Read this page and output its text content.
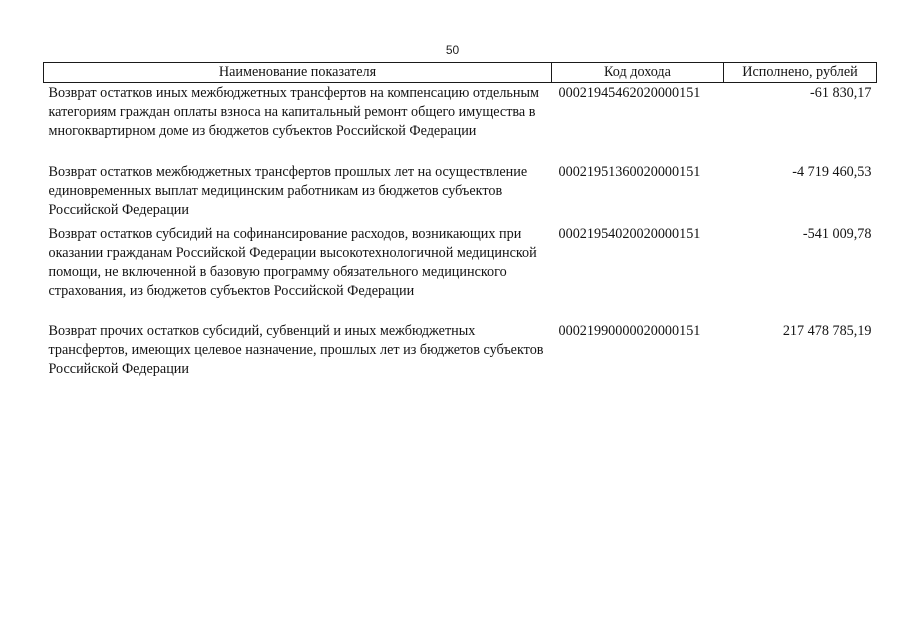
50
Наименование показателя	Код дохода	Исполнено, рублей
Возврат остатков иных межбюджетных трансфертов на компенсацию отдельным категориям граждан оплаты взноса на капитальный ремонт общего имущества в многоквартирном доме из бюджетов субъектов Российской Федерации	00021945462020000151	-61 830,17
Возврат остатков межбюджетных трансфертов прошлых лет на осуществление единовременных выплат медицинским работникам из бюджетов субъектов Российской Федерации	00021951360020000151	-4 719 460,53
Возврат остатков субсидий на софинансирование расходов, возникающих при оказании гражданам Российской Федерации высокотехнологичной медицинской помощи, не включенной в базовую программу обязательного медицинского страхования, из бюджетов субъектов Российской Федерации	00021954020020000151	-541 009,78
Возврат прочих остатков субсидий, субвенций и иных межбюджетных трансфертов, имеющих целевое назначение, прошлых лет из бюджетов субъектов Российской Федерации	00021990000020000151	217 478 785,19
